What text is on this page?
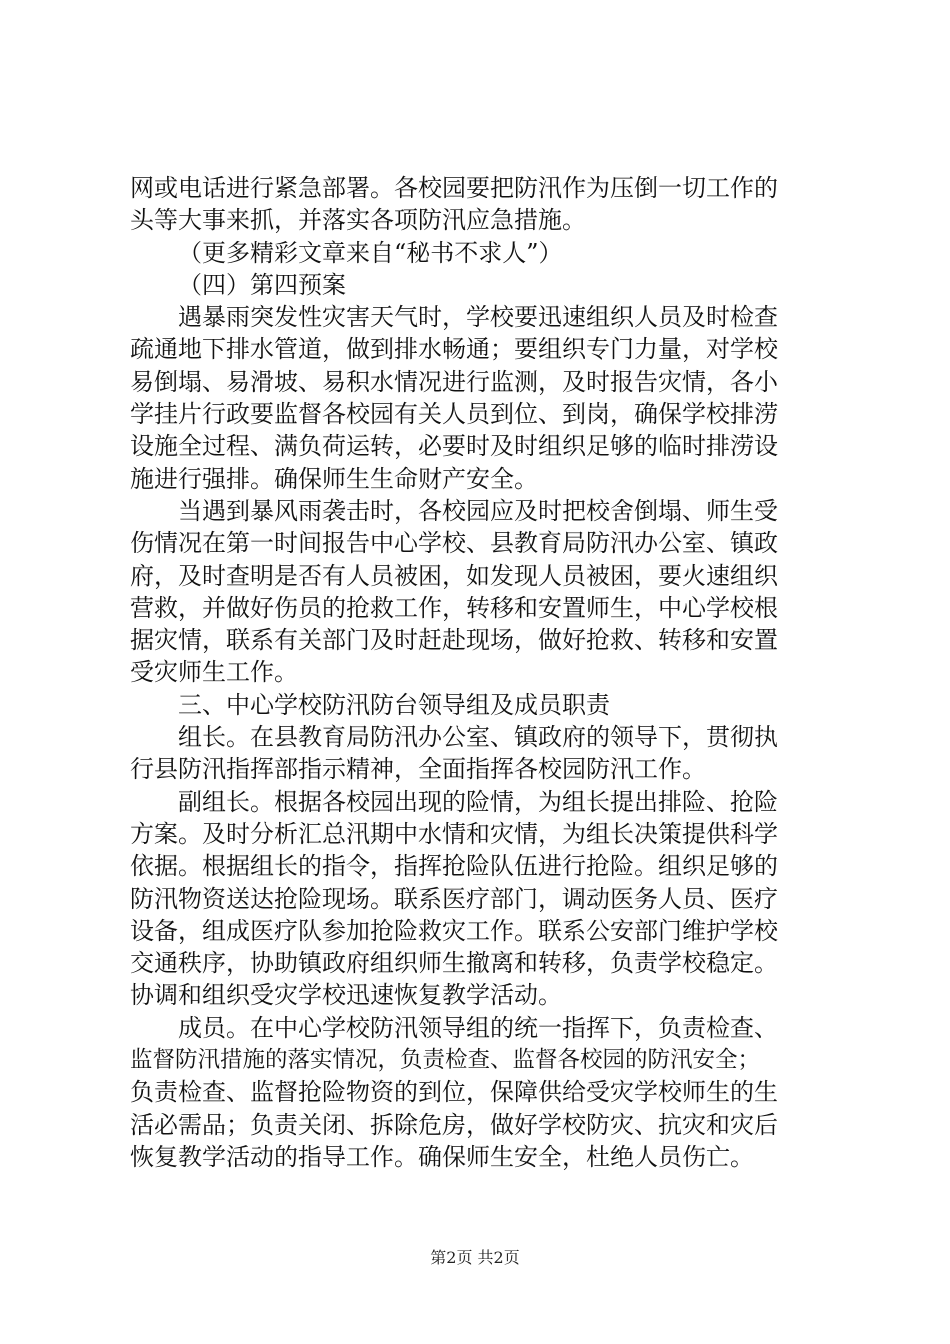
网或电话进行紧急部署。各校园要把防汛作为压倒一切工作的
头等大事来抓，并落实各项防汛应急措施。
（更多精彩文章来自“秘书不求人”）
（四）第四预案
遇暴雨突发性灾害天气时，学校要迅速组织人员及时检查
疏通地下排水管道，做到排水畅通；要组织专门力量，对学校
易倒塌、易滑坡、易积水情况进行监测，及时报告灾情，各小
学挂片行政要监督各校园有关人员到位、到岗，确保学校排涝
设施全过程、满负荷运转，必要时及时组织足够的临时排涝设
施进行强排。确保师生生命财产安全。
当遇到暴风雨袭击时，各校园应及时把校舍倒塌、师生受
伤情况在第一时间报告中心学校、县教育局防汛办公室、镇政
府，及时查明是否有人员被困，如发现人员被困，要火速组织
营救，并做好伤员的抢救工作，转移和安置师生，中心学校根
据灾情，联系有关部门及时赶赴现场，做好抢救、转移和安置
受灾师生工作。
三、中心学校防汛防台领导组及成员职责
组长。在县教育局防汛办公室、镇政府的领导下，贯彻执
行县防汛指挥部指示精神，全面指挥各校园防汛工作。
副组长。根据各校园出现的险情，为组长提出排险、抢险
方案。及时分析汇总汛期中水情和灾情，为组长决策提供科学
依据。根据组长的指令，指挥抢险队伍进行抢险。组织足够的
防汛物资送达抢险现场。联系医疗部门，调动医务人员、医疗
设备，组成医疗队参加抢险救灾工作。联系公安部门维护学校
交通秩序，协助镇政府组织师生撤离和转移，负责学校稳定。
协调和组织受灾学校迅速恢复教学活动。
成员。在中心学校防汛领导组的统一指挥下，负责检查、
监督防汛措施的落实情况，负责检查、监督各校园的防汛安全；
负责检查、监督抢险物资的到位，保障供给受灾学校师生的生
活必需品；负责关闭、拆除危房，做好学校防灾、抗灾和灾后
恢复教学活动的指导工作。确保师生安全，杜绝人员伤亡。
第2页 共2页
